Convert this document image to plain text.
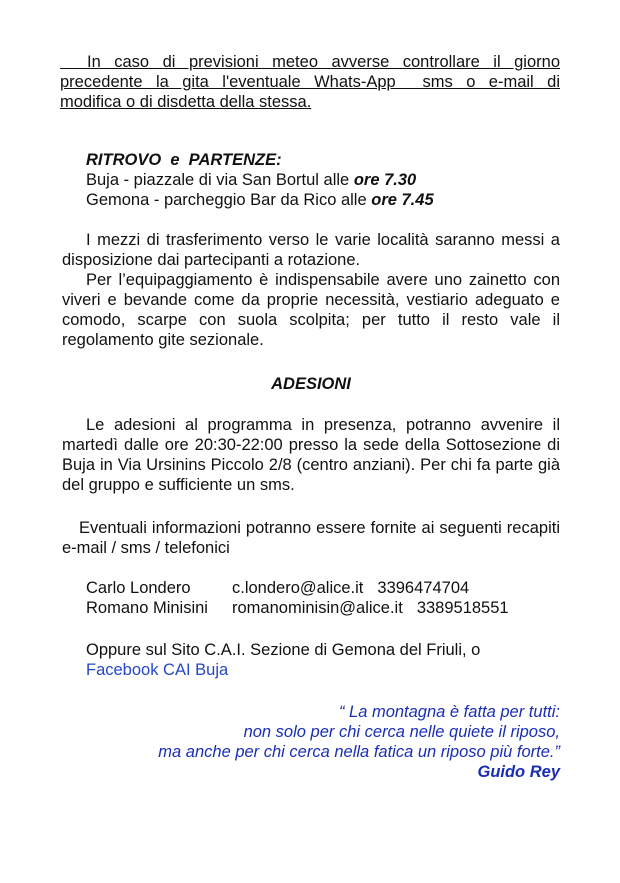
In caso di previsioni meteo avverse controllare il giorno
precedente la gita l'eventuale Whats-App  sms o e-mail di
modifica o di disdetta della stessa.
RITROVO  e  PARTENZE:
Buja - piazzale di via San Bortul alle ore 7.30
Gemona - parcheggio Bar da Rico alle ore 7.45

I mezzi di trasferimento verso le varie località saranno messi a disposizione dai partecipanti a rotazione.

Per l’equipaggiamento è indispensabile avere uno zainetto con viveri e bevande come da proprie necessità, vestiario adeguato e comodo, scarpe con suola scolpita; per tutto il resto vale il regolamento gite sezionale.

ADESIONI

Le adesioni al programma in presenza, potranno avvenire il martedì dalle ore 20:30-22:00 presso la sede della Sottosezione di Buja in Via Ursinins Piccolo 2/8 (centro anziani). Per chi fa parte già del gruppo e sufficiente un sms.

Eventuali informazioni potranno essere fornite ai seguenti recapiti e-mail / sms / telefonici

Carlo Londero	c.londero@alice.it 3396474704
Romano Minisini	romanominisin@alice.it 3389518551
Oppure sul Sito C.A.I. Sezione di Gemona del Friuli, o
Facebook CAI Buja
“ La montagna è fatta per tutti:
non solo per chi cerca nelle quiete il riposo,
ma anche per chi cerca nella fatica un riposo più forte.”
Guido Rey
